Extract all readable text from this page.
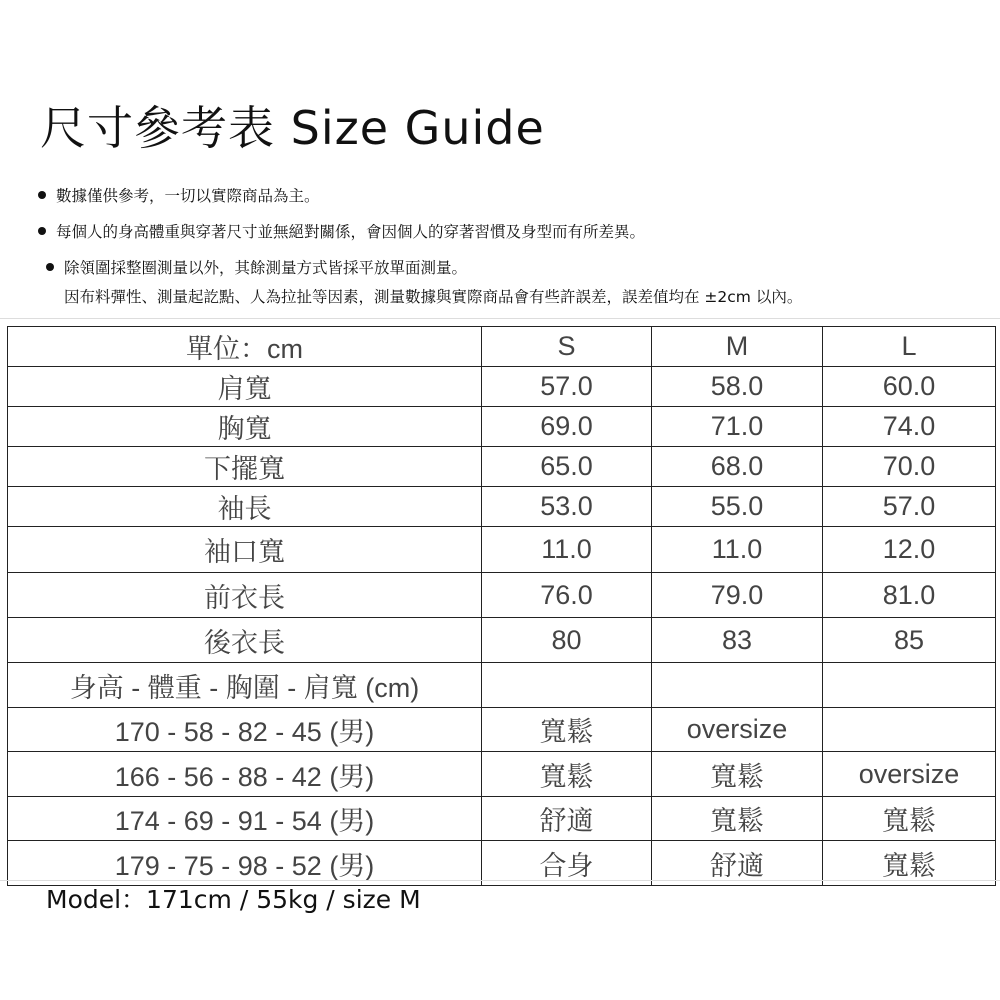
尺寸參考表 Size Guide
數據僅供參考，一切以實際商品為主。
每個人的身高體重與穿著尺寸並無絕對關係，會因個人的穿著習慣及身型而有所差異。
除領圍採整圈測量以外，其餘測量方式皆採平放單面測量。
因布料彈性、測量起訖點、人為拉扯等因素，測量數據與實際商品會有些許誤差，誤差值均在 ±2cm 以內。
單位：cm	S	M	L
肩寬	57.0	58.0	60.0
胸寬	69.0	71.0	74.0
下擺寬	65.0	68.0	70.0
袖長	53.0	55.0	57.0
袖口寬	11.0	11.0	12.0
前衣長	76.0	79.0	81.0
後衣長	80	83	85
身高 - 體重 - 胸圍 - 肩寬 (cm)			
170 - 58 - 82 - 45 (男)	寬鬆	oversize	
166 - 56 - 88 - 42 (男)	寬鬆	寬鬆	oversize
174 - 69 - 91 - 54 (男)	舒適	寬鬆	寬鬆
179 - 75 - 98 - 52 (男)	合身	舒適	寬鬆
Model：171cm / 55kg / size M
